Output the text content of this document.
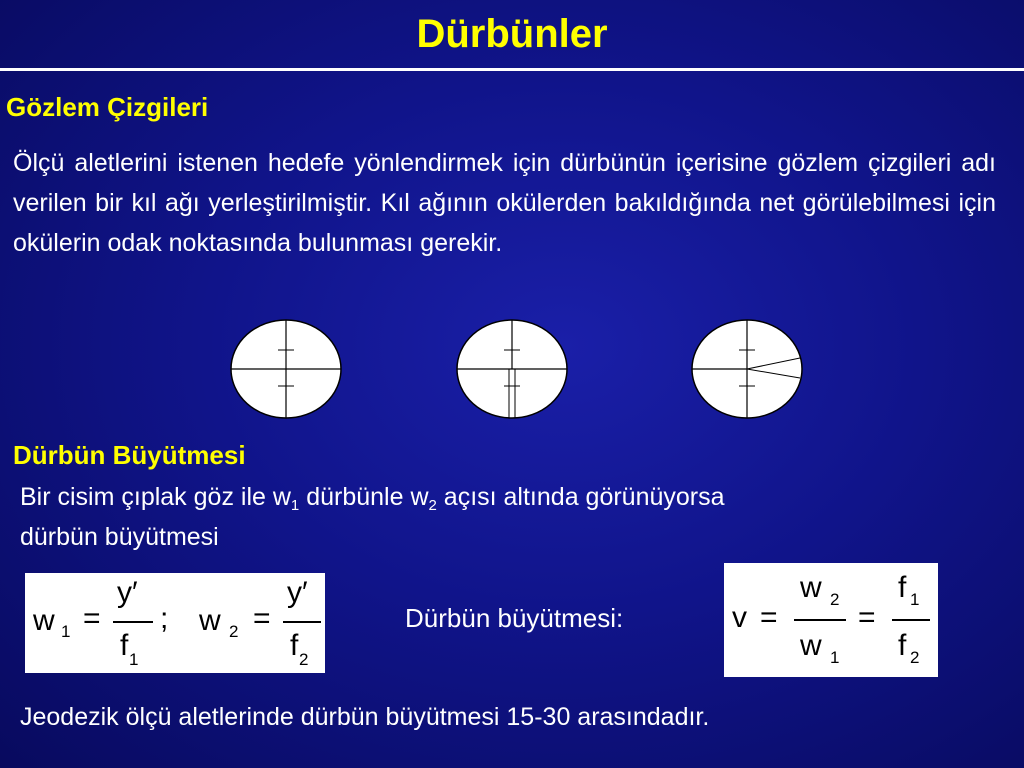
Dürbünler
Gözlem Çizgileri
Ölçü aletlerini istenen hedefe yönlendirmek için dürbünün içerisine gözlem çizgileri adı verilen bir kıl ağı yerleştirilmiştir. Kıl ağının okülerden bakıldığında net görülebilmesi için okülerin odak noktasında bulunması gerekir.
Dürbün Büyütmesi
Bir cisim çıplak göz ile $w_1$ dürbünle $w_2$ açısı altında görünüyorsa
dürbün büyütmesi
w 1 =
y′
f 1
; w 2 =
y′
f 2
Dürbün büyütmesi:	v =
w 2
w 1
=
f 1
f 2
Jeodezik ölçü aletlerinde dürbün büyütmesi 15-30 arasındadır.
